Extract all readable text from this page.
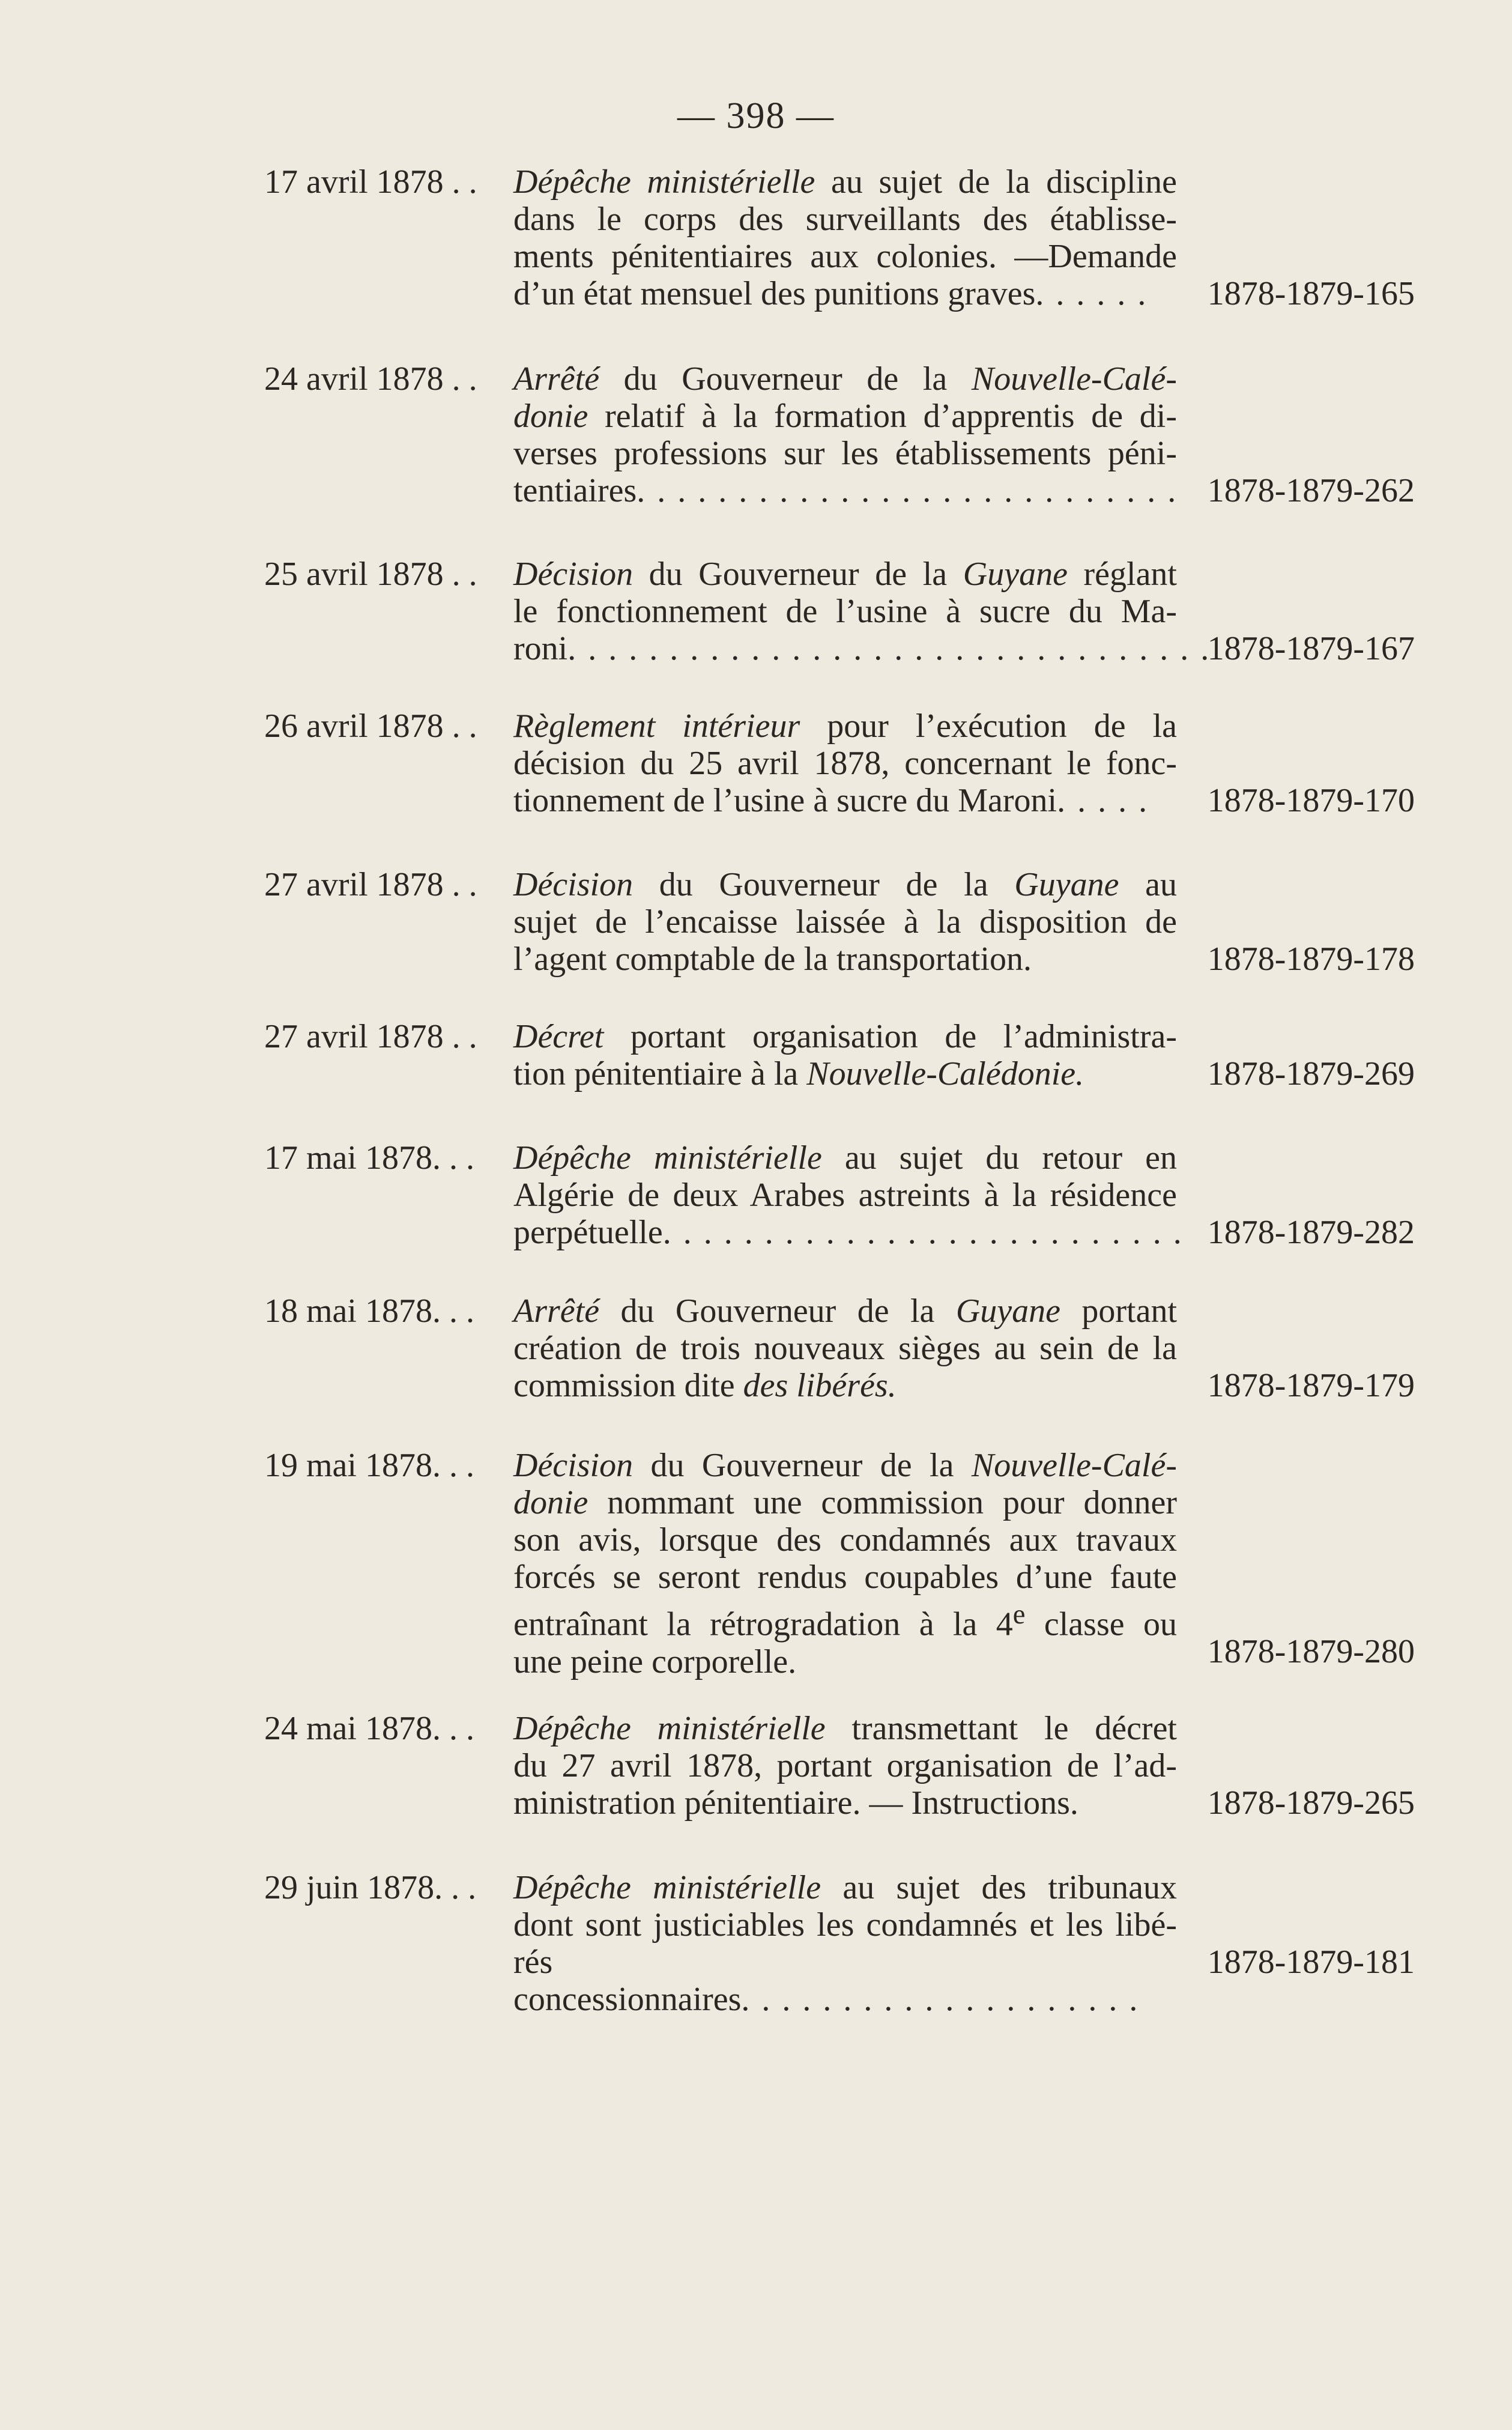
— 398 —
17 avril 1878 . . Dépêche ministérielle au sujet de la discipline
dans le corps des surveillants des établisse-
ments pénitentiaires aux colonies. —Demande
d’un état mensuel des punitions graves. . . . . .	1878-1879-165
24 avril 1878 . . Arrêté du Gouverneur de la Nouvelle-Calé-
donie relatif à la formation d’apprentis de di-
verses professions sur les établissements péni-
tentiaires. . . . . . . . . . . . . . . . . . . . . . . . . . . 1878-1879-262
25 avril 1878 . . Décision du Gouverneur de la Guyane réglant
le fonctionnement de l’usine à sucre du Ma-
roni. . . . . . . . . . . . . . . . . . . . . . . . . . . . . . . .
1878-1879-167
26 avril 1878 . . Règlement intérieur pour l’exécution de la
décision du 25 avril 1878, concernant le fonc-
tionnement de l’usine à sucre du Maroni. . . . .	1878-1879-170
27 avril 1878 . . Décision du Gouverneur de la Guyane au
sujet de l’encaisse laissée à la disposition de
l’agent comptable de la transportation.	1878-1879-178
27 avril 1878 . . Décret portant organisation de l’administra-
tion pénitentiaire à la Nouvelle-Calédonie.	1878-1879-269
17 mai 1878. . . Dépêche ministérielle au sujet du retour en
Algérie de deux Arabes astreints à la résidence
perpétuelle. . . . . . . . . . . . . . . . . . . . . . . . . . 1878-1879-282
18 mai 1878. . . Arrêté du Gouverneur de la Guyane portant
création de trois nouveaux sièges au sein de la
commission dite des libérés.	1878-1879-179
19 mai 1878. . . Décision du Gouverneur de la Nouvelle-Calé-
donie nommant une commission pour donner
son avis, lorsque des condamnés aux travaux
forcés se seront rendus coupables d’une faute
entraînant la rétrogradation à la 4e classe ou
une peine corporelle.	1878-1879-280
24 mai 1878. . . Dépêche ministérielle transmettant le décret
du 27 avril 1878, portant organisation de l’ad-
ministration pénitentiaire. — Instructions.	1878-1879-265
29 juin 1878. . . Dépêche ministérielle au sujet des tribunaux
dont sont justiciables les condamnés et les libé-
rés concessionnaires. . . . . . . . . . . . . . . . . . . .
1878-1879-181
